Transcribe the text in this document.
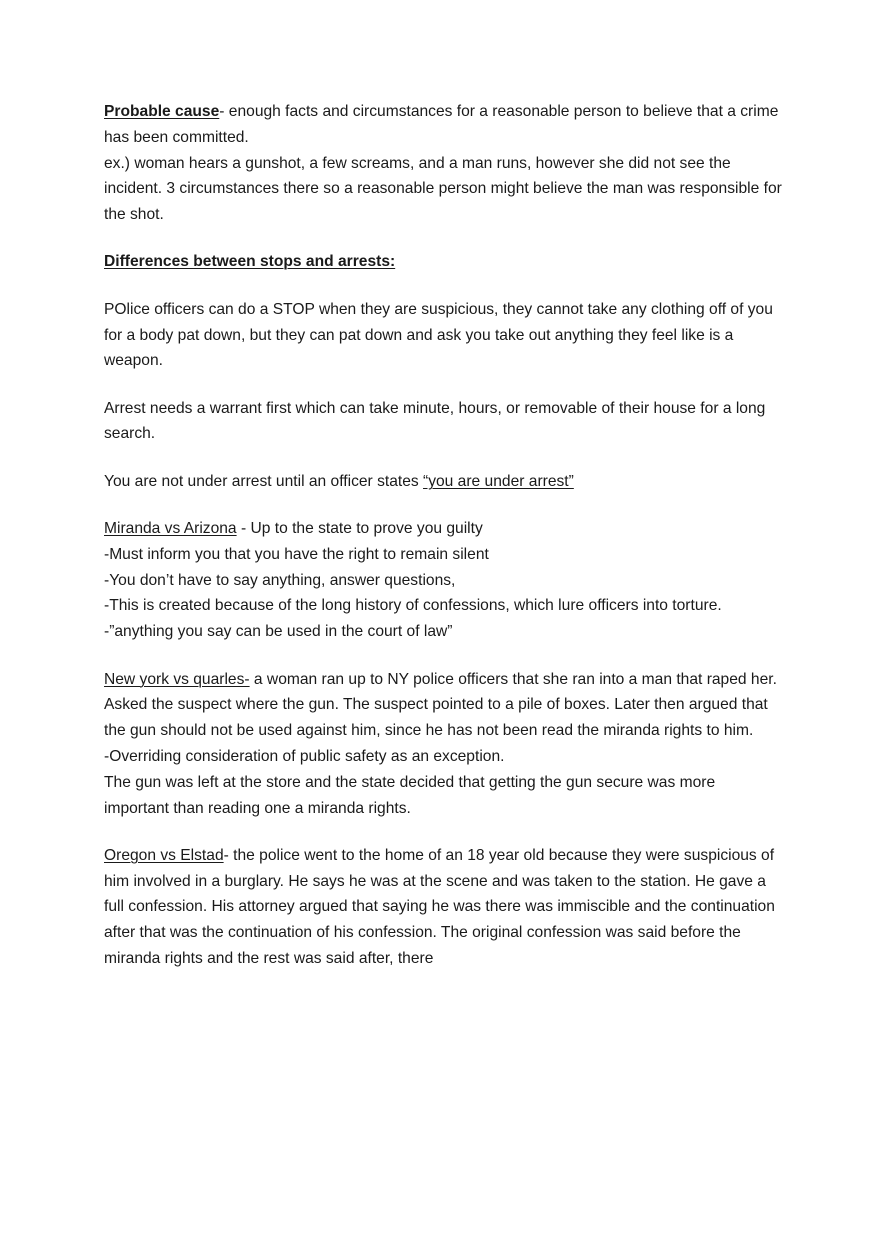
Probable cause- enough facts and circumstances for a reasonable person to believe that a crime has been committed.
ex.) woman hears a gunshot, a few screams, and a man runs, however she did not see the incident. 3 circumstances there so a reasonable person might believe the man was responsible for the shot.

Differences between stops and arrests:

POlice officers can do a STOP when they are suspicious, they cannot take any clothing off of you for a body pat down, but they can pat down and ask you take out anything they feel like is a weapon.

Arrest needs a warrant first which can take minute, hours, or removable of their house for a long search.

You are not under arrest until an officer states “you are under arrest”

Miranda vs Arizona - Up to the state to prove you guilty

-Must inform you that you have the right to remain silent

-You don’t have to say anything, answer questions,

-This is created because of the long history of confessions, which lure officers into torture.

-”anything you say can be used in the court of law”

New york vs quarles- a woman ran up to NY police officers that she ran into a man that raped her. Asked the suspect where the gun. The suspect pointed to a pile of boxes. Later then argued that the gun should not be used against him, since he has not been read the miranda rights to him.

-Overriding consideration of public safety as an exception.

The gun was left at the store and the state decided that getting the gun secure was more important than reading one a miranda rights.

Oregon vs Elstad- the police went to the home of an 18 year old because they were suspicious of him involved in a burglary. He says he was at the scene and was taken to the station. He gave a full confession. His attorney argued that saying he was there was immiscible and the continuation after that was the continuation of his confession. The original confession was said before the miranda rights and the rest was said after, there
